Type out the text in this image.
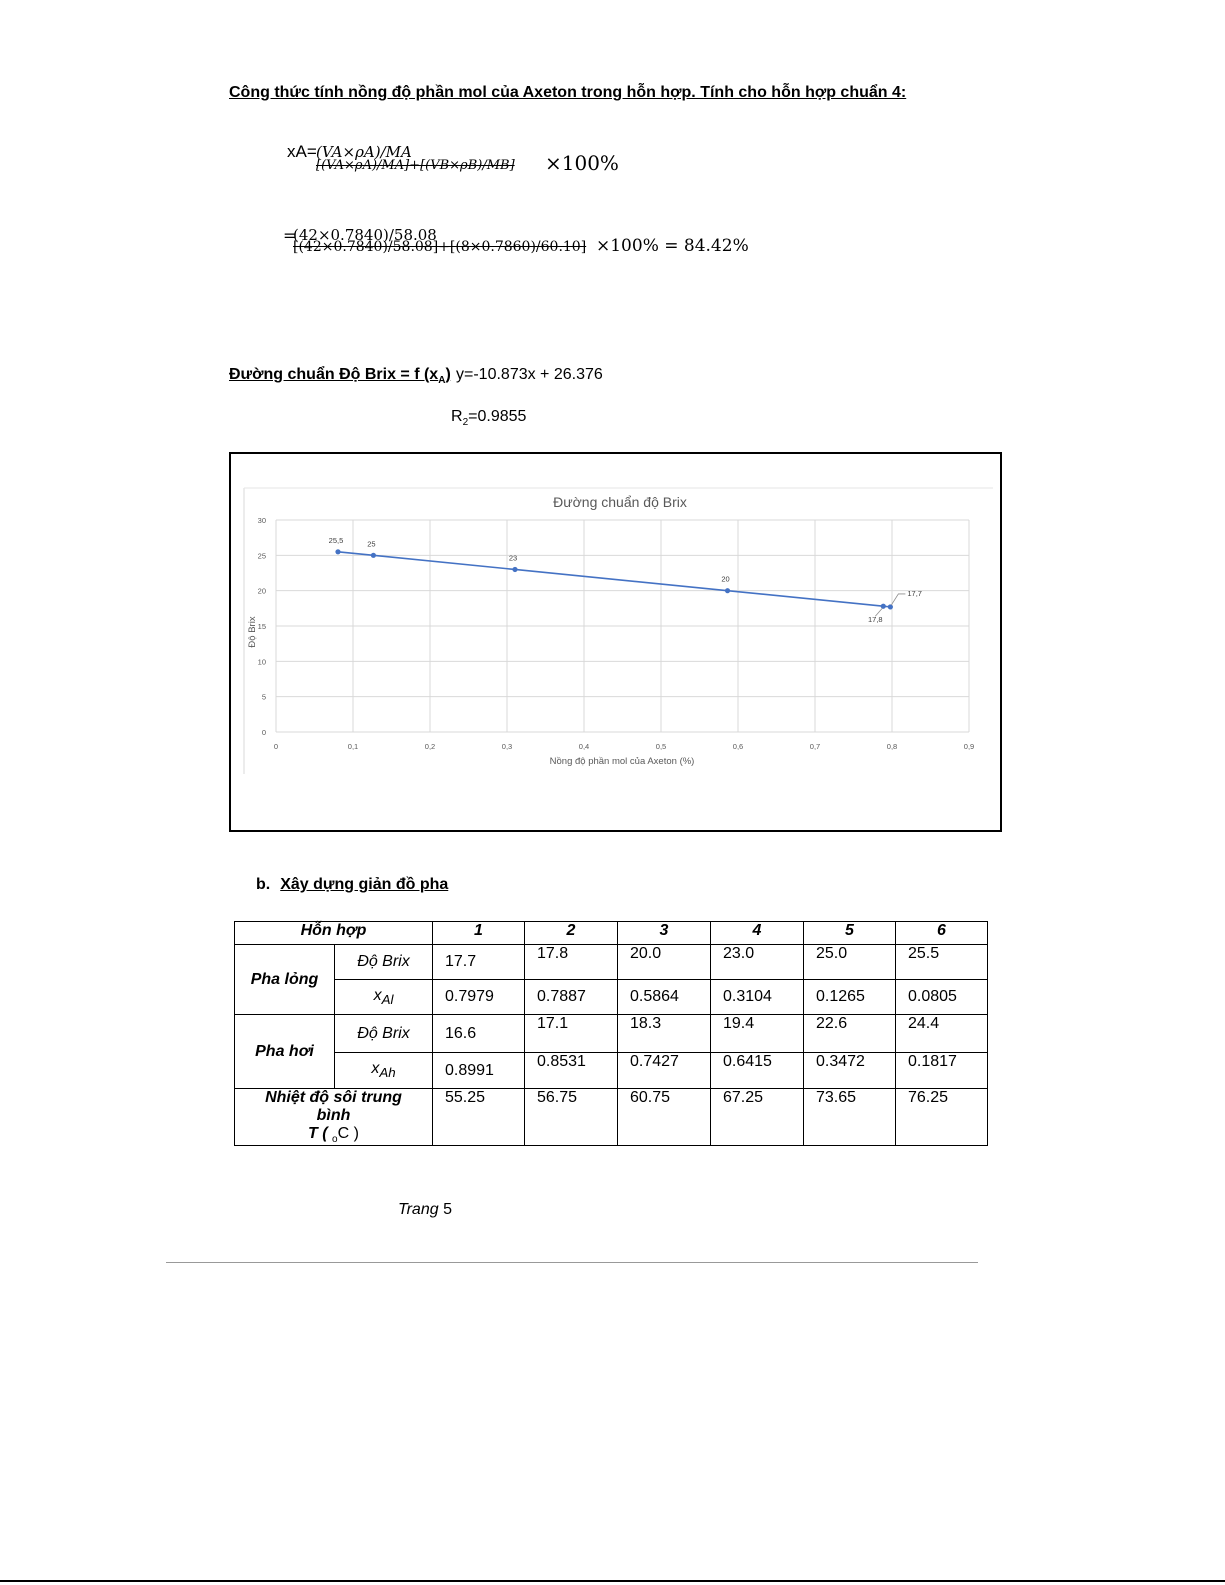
Công thức tính nồng độ phần mol của Axeton trong hỗn hợp. Tính cho hỗn hợp chuẩn 4:
xA= (VA×ρA)/MA
[(VA×ρA)/MA]+[(VB×ρB)/MB] ×100%
=
(42×0.7840)/58.08
[(42×0.7840)/58.08]+[(8×0.7860)/60.10] ×100% = 84.42%
Đường chuẩn Độ Brix = f $(x_A) y=-10.873x + 26.376$
$R_2=0.9855$
Đường chuẩn độ Brix
0	0,1	0,2	0,3	0,4	0,5	0,6	0,7	0,8	0,9
0
5
10
15
20
25
30
25,5	25
23
20
17,8
17,7
Nồng độ phần mol của Axeton (%)
Độ Brix
b. Xây dựng giản đồ pha
Hỗn hợp		1	2	3	4	5	6
Pha lỏng	Độ Brix	17.7	17.8	20.0	23.0	25.0	25.5
	$x_{Al}$	0.7979	0.7887	0.5864	0.3104	0.1265	0.0805
Pha hơi	Độ Brix	16.6	17.1	18.3	19.4	22.6	24.4
	$x_{Ah}$	0.8991	0.8531	0.7427	0.6415	0.3472	0.1817
Nhiệt độ sôi trung bình
T ( $_o$C )		55.25	56.75	60.75	67.25	73.65	76.25
Trang 5
